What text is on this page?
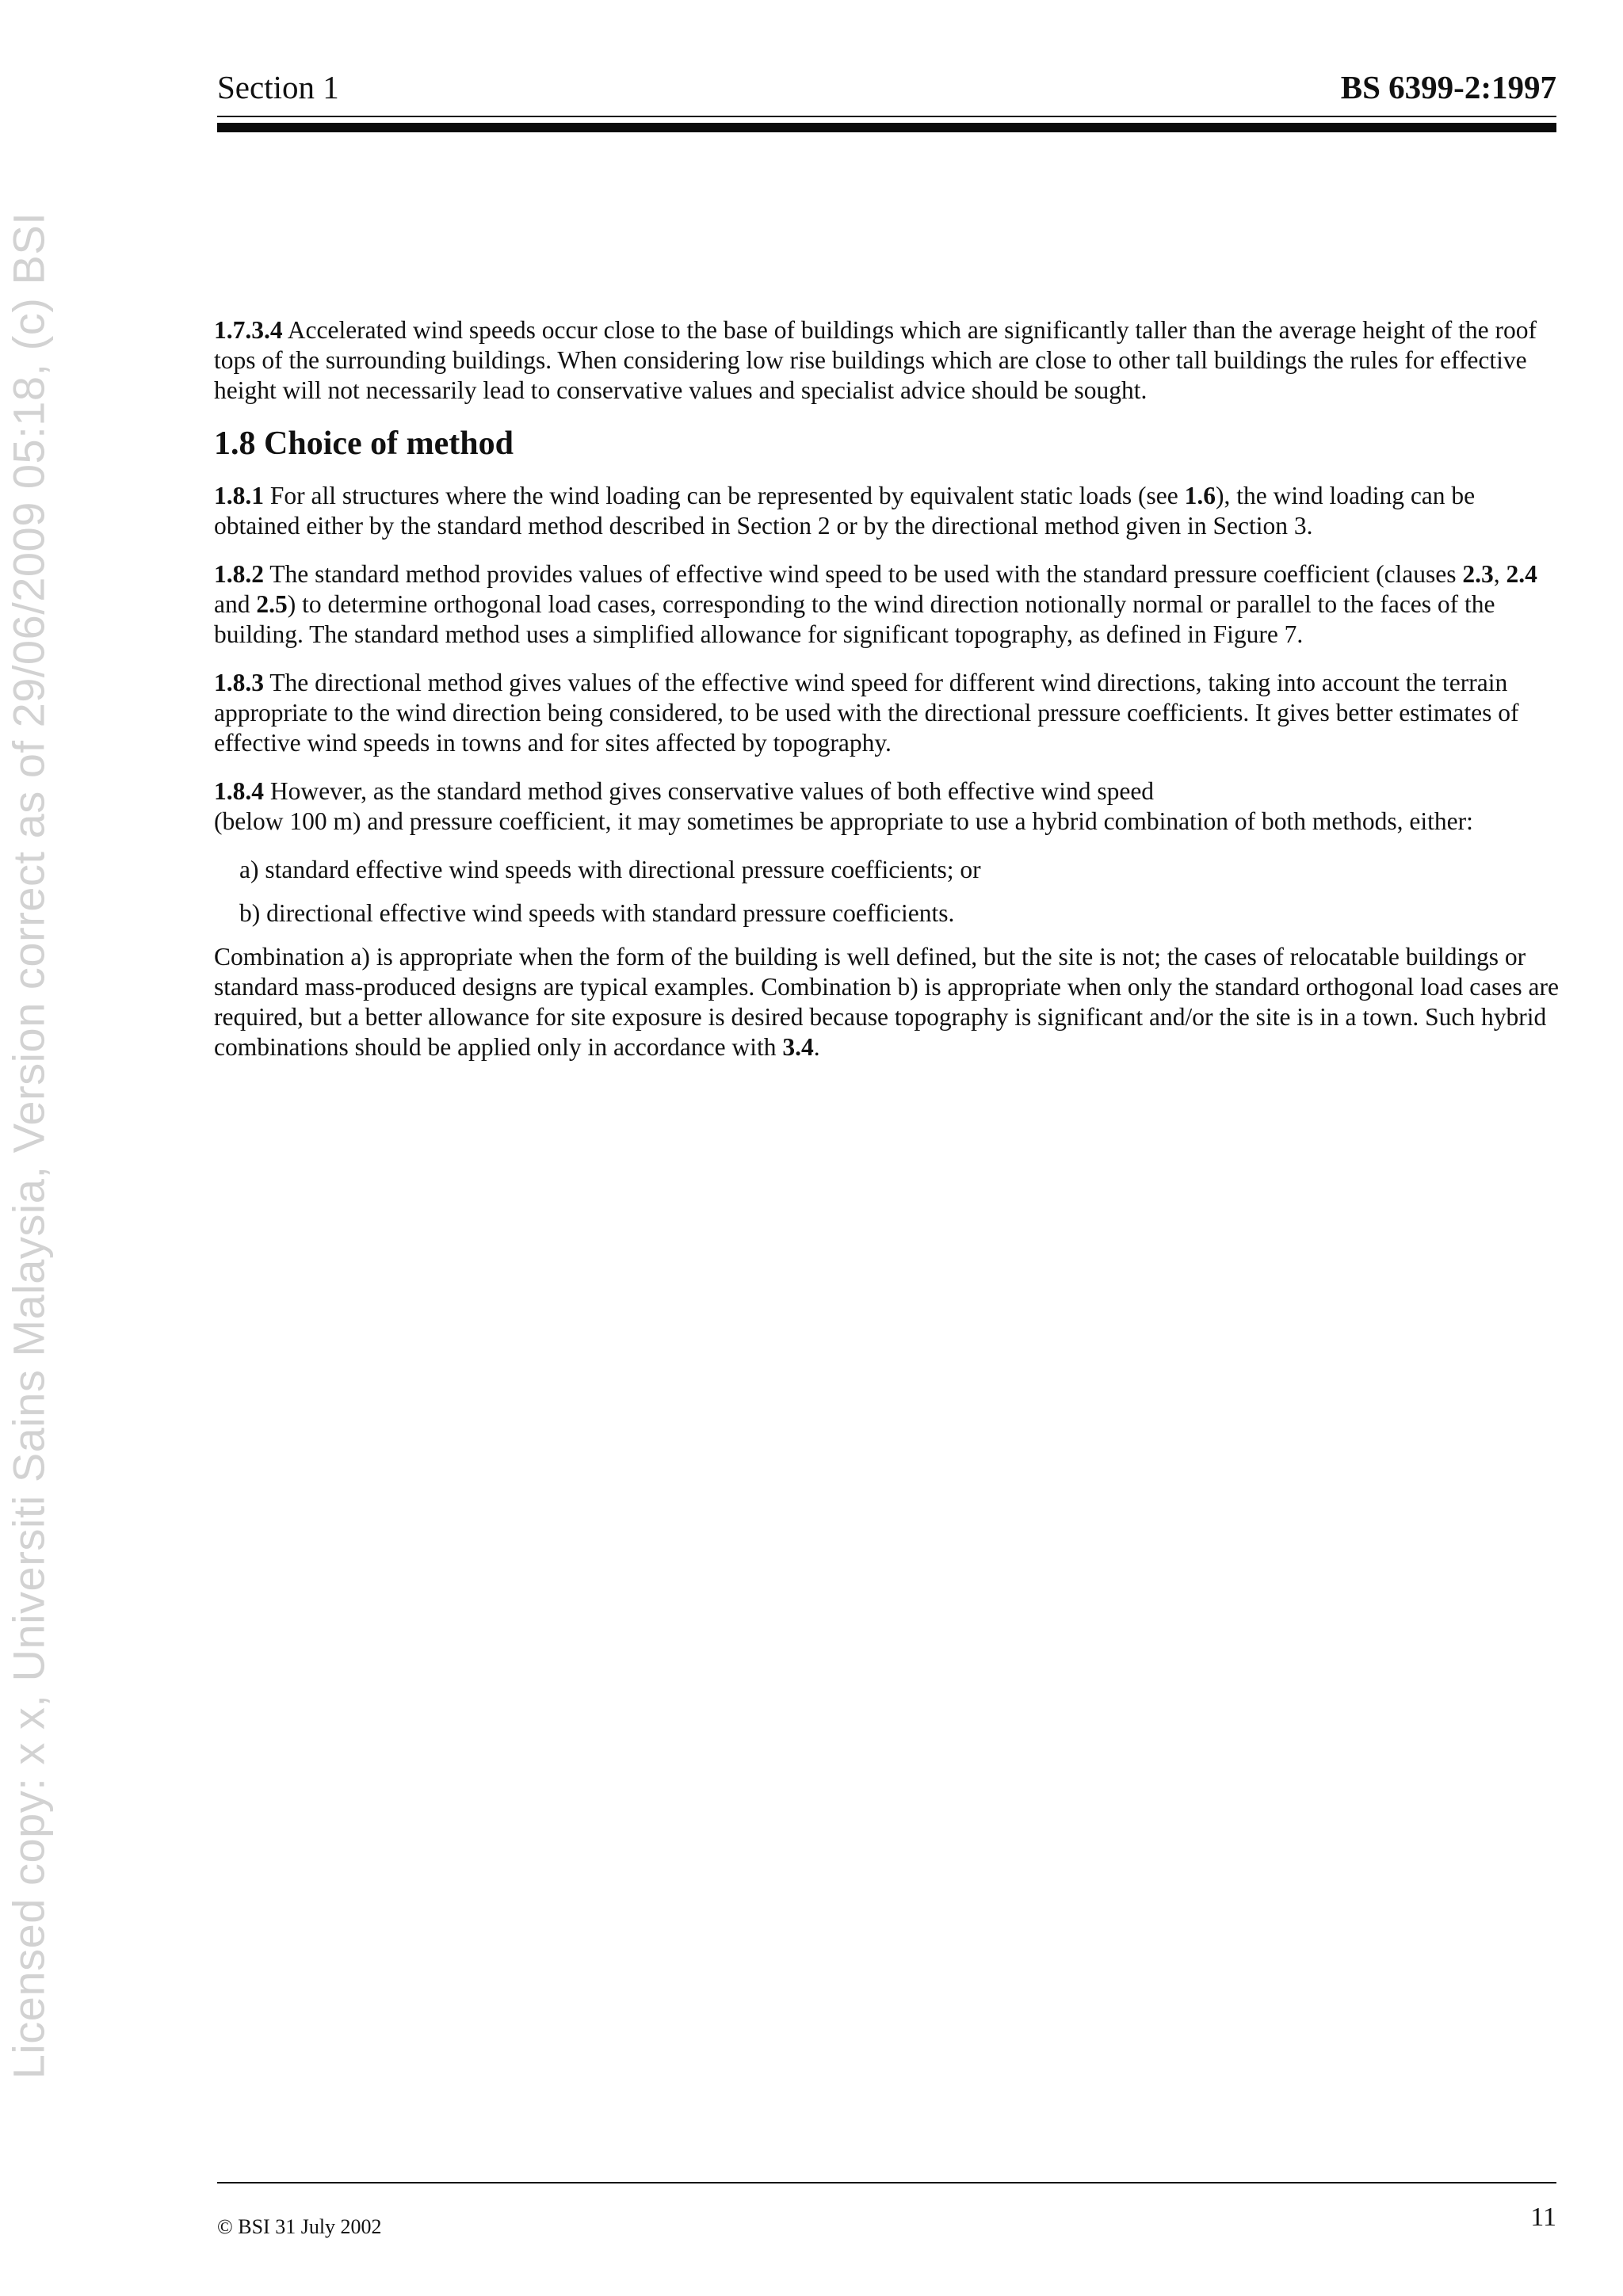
Licensed copy: x x, Universiti Sains Malaysia, Version correct as of 29/06/2009 05:18, (c) BSI
Section 1	BS 6399-2:1997

1.7.3.4 Accelerated wind speeds occur close to the base of buildings which are significantly taller than the average height of the roof tops of the surrounding buildings. When considering low rise buildings which are close to other tall buildings the rules for effective height will not necessarily lead to conservative values and specialist advice should be sought.

1.8 Choice of method

1.8.1 For all structures where the wind loading can be represented by equivalent static loads (see 1.6), the wind loading can be obtained either by the standard method described in Section 2 or by the directional method given in Section 3.

1.8.2 The standard method provides values of effective wind speed to be used with the standard pressure coefficient (clauses 2.3, 2.4 and 2.5) to determine orthogonal load cases, corresponding to the wind direction notionally normal or parallel to the faces of the building. The standard method uses a simplified allowance for significant topography, as defined in Figure 7.

1.8.3 The directional method gives values of the effective wind speed for different wind directions, taking into account the terrain appropriate to the wind direction being considered, to be used with the directional pressure coefficients. It gives better estimates of effective wind speeds in towns and for sites affected by topography.

1.8.4 However, as the standard method gives conservative values of both effective wind speed
(below 100 m) and pressure coefficient, it may sometimes be appropriate to use a hybrid combination of both methods, either:

a) standard effective wind speeds with directional pressure coefficients; or

b) directional effective wind speeds with standard pressure coefficients.

Combination a) is appropriate when the form of the building is well defined, but the site is not; the cases of relocatable buildings or standard mass-produced designs are typical examples. Combination b) is appropriate when only the standard orthogonal load cases are required, but a better allowance for site exposure is desired because topography is significant and/or the site is in a town. Such hybrid combinations should be applied only in accordance with 3.4.

© BSI 31 July 2002	11
